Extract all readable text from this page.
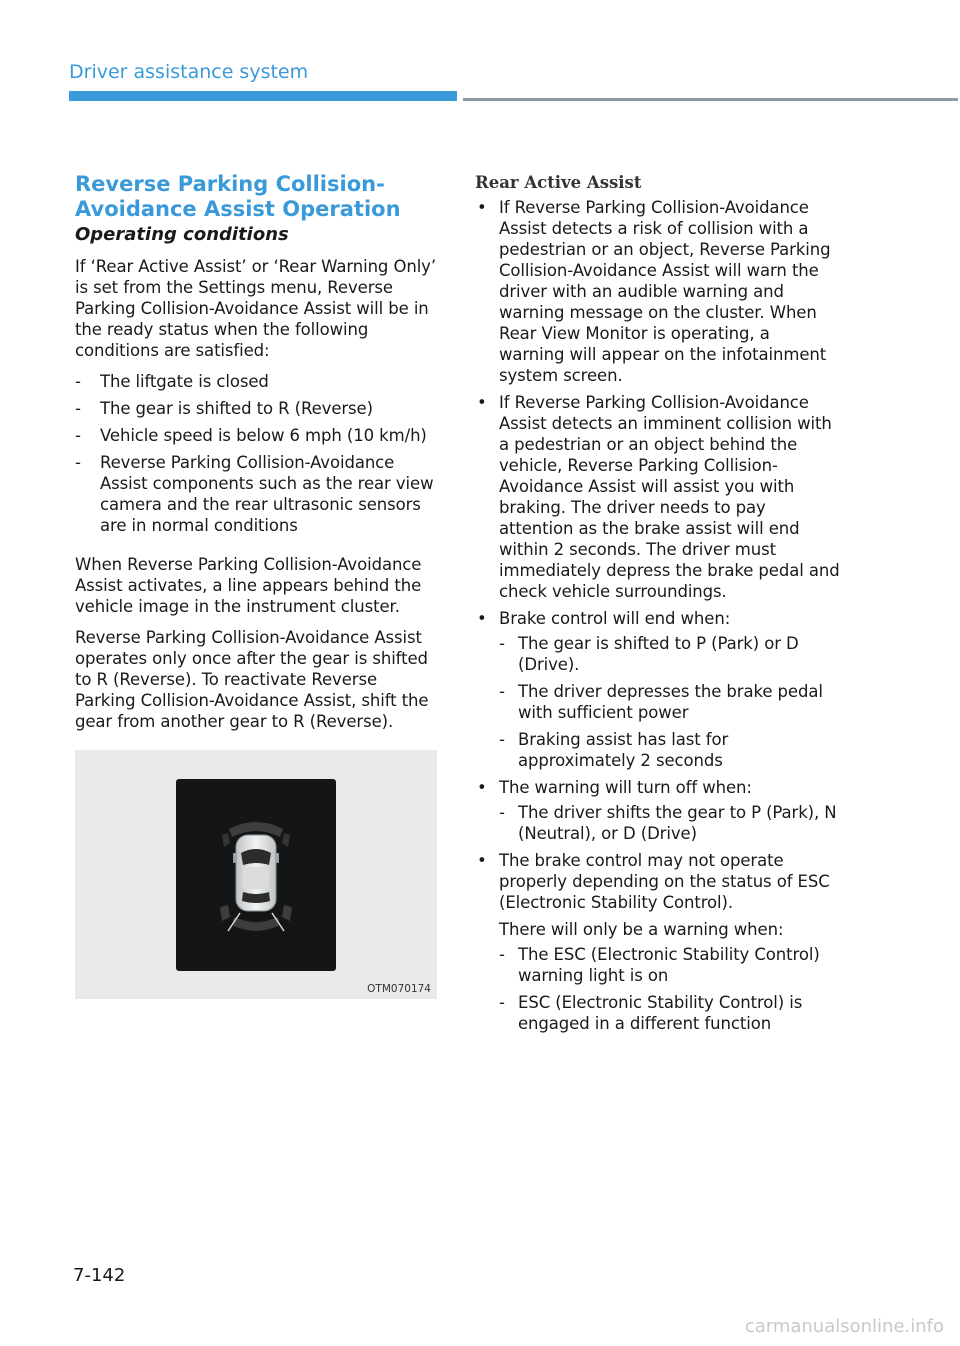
Driver assistance system
Reverse Parking Collision-
Avoidance Assist Operation
Operating conditions

If ‘Rear Active Assist’ or ‘Rear Warning Only’ is set from the Settings menu, Reverse Parking Collision-Avoidance Assist will be in the ready status when the following conditions are satisfied:

- The liftgate is closed
- The gear is shifted to R (Reverse)
- Vehicle speed is below 6 mph (10 km/h)
- Reverse Parking Collision-Avoidance Assist components such as the rear view camera and the rear ultrasonic sensors are in normal conditions

When Reverse Parking Collision-Avoidance Assist activates, a line appears behind the vehicle image in the instrument cluster.

Reverse Parking Collision-Avoidance Assist operates only once after the gear is shifted to R (Reverse). To reactivate Reverse Parking Collision-Avoidance Assist, shift the gear from another gear to R (Reverse).

OTM070174
Rear Active Assist
• If Reverse Parking Collision-Avoidance Assist detects a risk of collision with a pedestrian or an object, Reverse Parking Collision-Avoidance Assist will warn the driver with an audible warning and warning message on the cluster. When Rear View Monitor is operating, a warning will appear on the infotainment system screen.
• If Reverse Parking Collision-Avoidance Assist detects an imminent collision with a pedestrian or an object behind the vehicle, Reverse Parking Collision-Avoidance Assist will assist you with braking. The driver needs to pay attention as the brake assist will end within 2 seconds. The driver must immediately depress the brake pedal and check vehicle surroundings.
• Brake control will end when:
- The gear is shifted to P (Park) or D (Drive).
- The driver depresses the brake pedal with sufficient power
- Braking assist has last for approximately 2 seconds
• The warning will turn off when:
- The driver shifts the gear to P (Park), N (Neutral), or D (Drive)
• The brake control may not operate properly depending on the status of ESC (Electronic Stability Control).

There will only be a warning when:

- The ESC (Electronic Stability Control) warning light is on
- ESC (Electronic Stability Control) is engaged in a different function
7-142
carmanualsonline.info
